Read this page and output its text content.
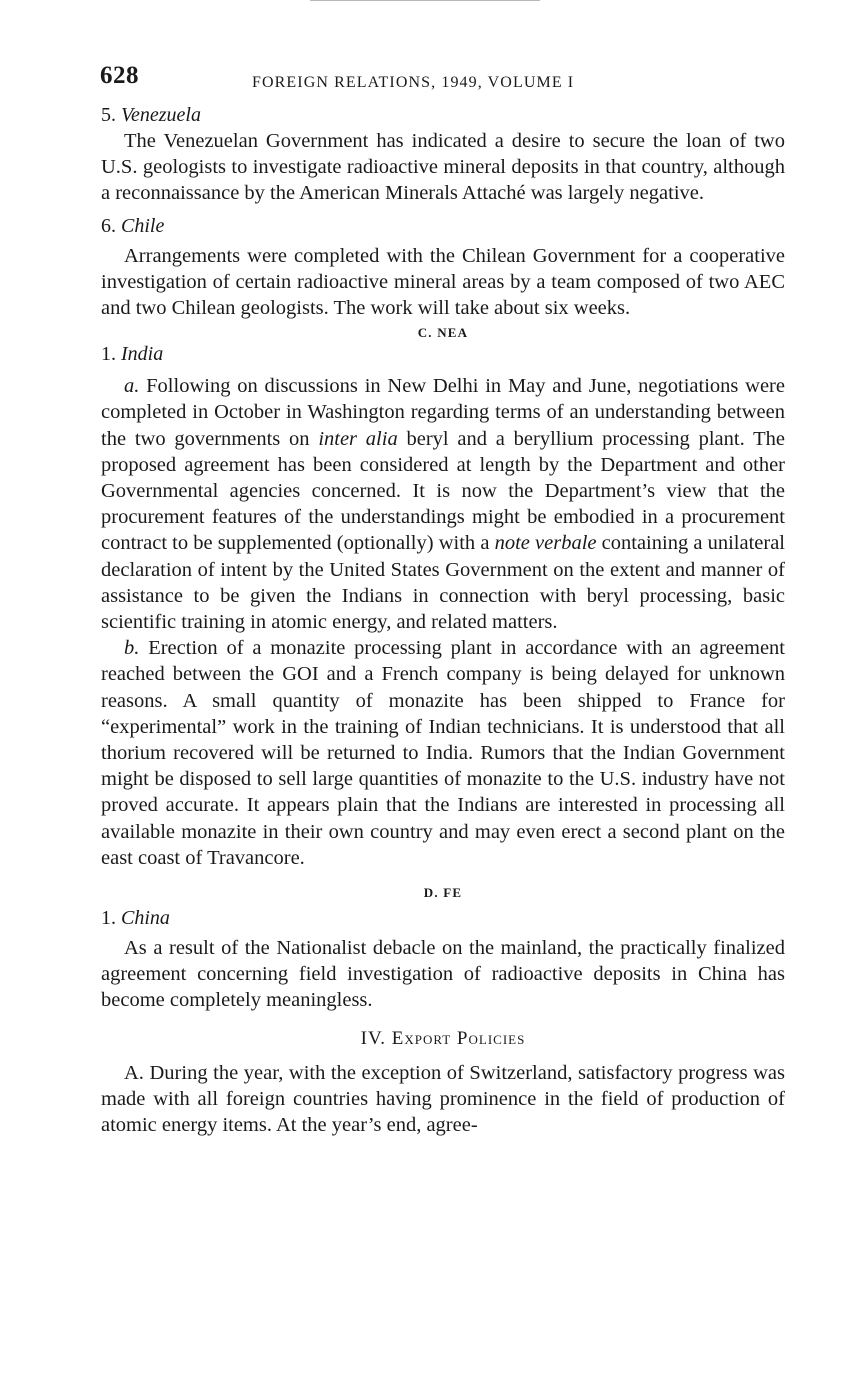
628	FOREIGN RELATIONS, 1949, VOLUME I

5. Venezuela

The Venezuelan Government has indicated a desire to secure the loan of two U.S. geologists to investigate radioactive mineral deposits in that country, although a reconnaissance by the American Minerals Attaché was largely negative.

6. Chile

Arrangements were completed with the Chilean Government for a cooperative investigation of certain radioactive mineral areas by a team composed of two AEC and two Chilean geologists. The work will take about six weeks.

C. NEA

1. India

a. Following on discussions in New Delhi in May and June, negotiations were completed in October in Washington regarding terms of an understanding between the two governments on inter alia beryl and a beryllium processing plant. The proposed agreement has been considered at length by the Department and other Governmental agencies concerned. It is now the Department’s view that the procurement features of the understandings might be embodied in a procurement contract to be supplemented (optionally) with a note verbale containing a unilateral declaration of intent by the United States Government on the extent and manner of assistance to be given the Indians in connection with beryl processing, basic scientific training in atomic energy, and related matters.

b. Erection of a monazite processing plant in accordance with an agreement reached between the GOI and a French company is being delayed for unknown reasons. A small quantity of monazite has been shipped to France for “experimental” work in the training of Indian technicians. It is understood that all thorium recovered will be returned to India. Rumors that the Indian Government might be disposed to sell large quantities of monazite to the U.S. industry have not proved accurate. It appears plain that the Indians are interested in processing all available monazite in their own country and may even erect a second plant on the east coast of Travancore.

D. FE

1. China

As a result of the Nationalist debacle on the mainland, the practically finalized agreement concerning field investigation of radioactive deposits in China has become completely meaningless.

IV. Export Policies

A. During the year, with the exception of Switzerland, satisfactory progress was made with all foreign countries having prominence in the field of production of atomic energy items. At the year’s end, agree-
